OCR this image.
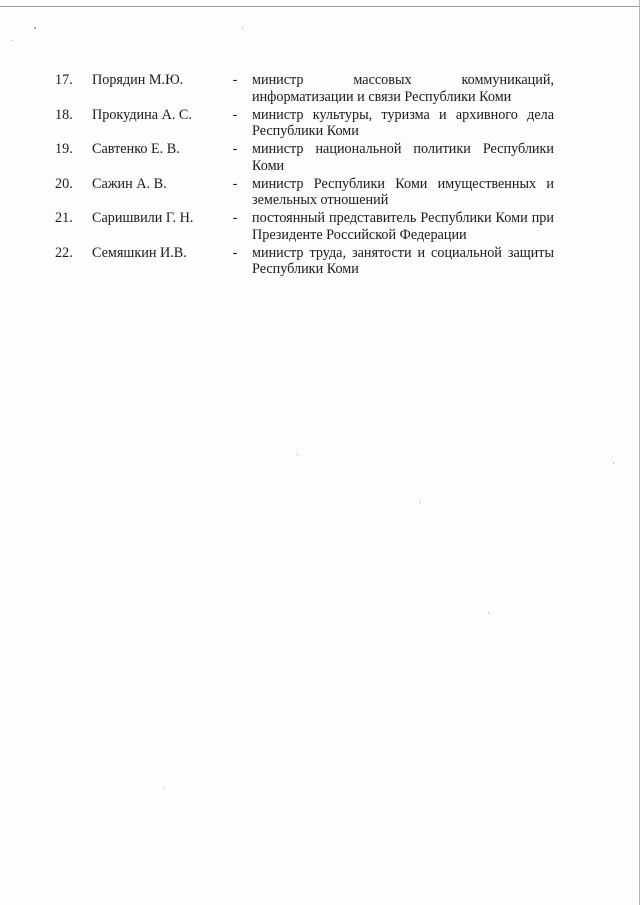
17.	Порядин М.Ю.	- министр массовых коммуникаций, информатизации и связи Республики Коми
18.	Прокудина А. С.	- министр культуры, туризма и архивного дела Республики Коми
19.	Савтенко Е. В.	- министр национальной политики Республики Коми
20.	Сажин А. В.	- министр Республики Коми имущественных и земельных отношений
21.	Саришвили Г. Н.	- постоянный представитель Республики Коми при Президенте Российской Федерации
22.	Семяшкин И.В.	- министр труда, занятости и социальной защиты Республики Коми
